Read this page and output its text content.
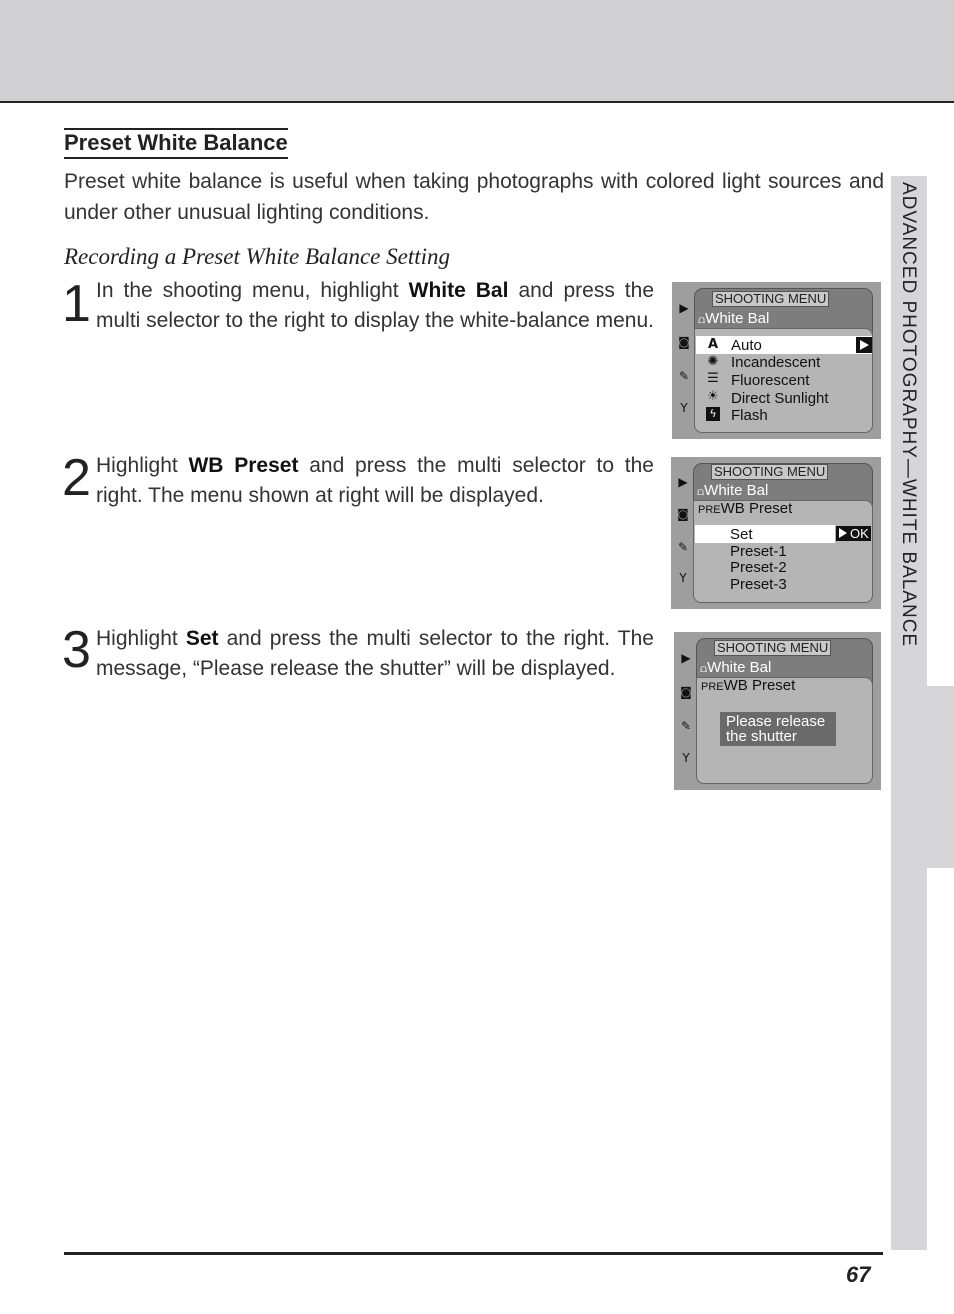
ADVANCED PHOTOGRAPHY—WHITE BALANCE
Preset White Balance
Preset white balance is useful when taking photographs with colored light sources and under other unusual lighting conditions.
Recording a Preset White Balance Setting
1 In the shooting menu, highlight White Bal and press the multi selector to the right to display the white-balance menu.
2 Highlight WB Preset and press the multi selector to the right. The menu shown at right will be displayed.
3 Highlight Set and press the multi selector to the right. The message, “Please release the shutter” will be displayed.
▶
◙
✎
Y
SHOOTING MENU
⩍White Bal
A
✺
☰
☀
ϟ
Auto
Incandescent
Fluorescent
Direct Sunlight
Flash
▶
◙
✎
Y
SHOOTING MENU
⩍White Bal
PREWB Preset
OK
Set
Preset-1
Preset-2
Preset-3
▶
◙
✎
Y
SHOOTING MENU
⩍White Bal
PREWB Preset
Please release
the shutter
67
